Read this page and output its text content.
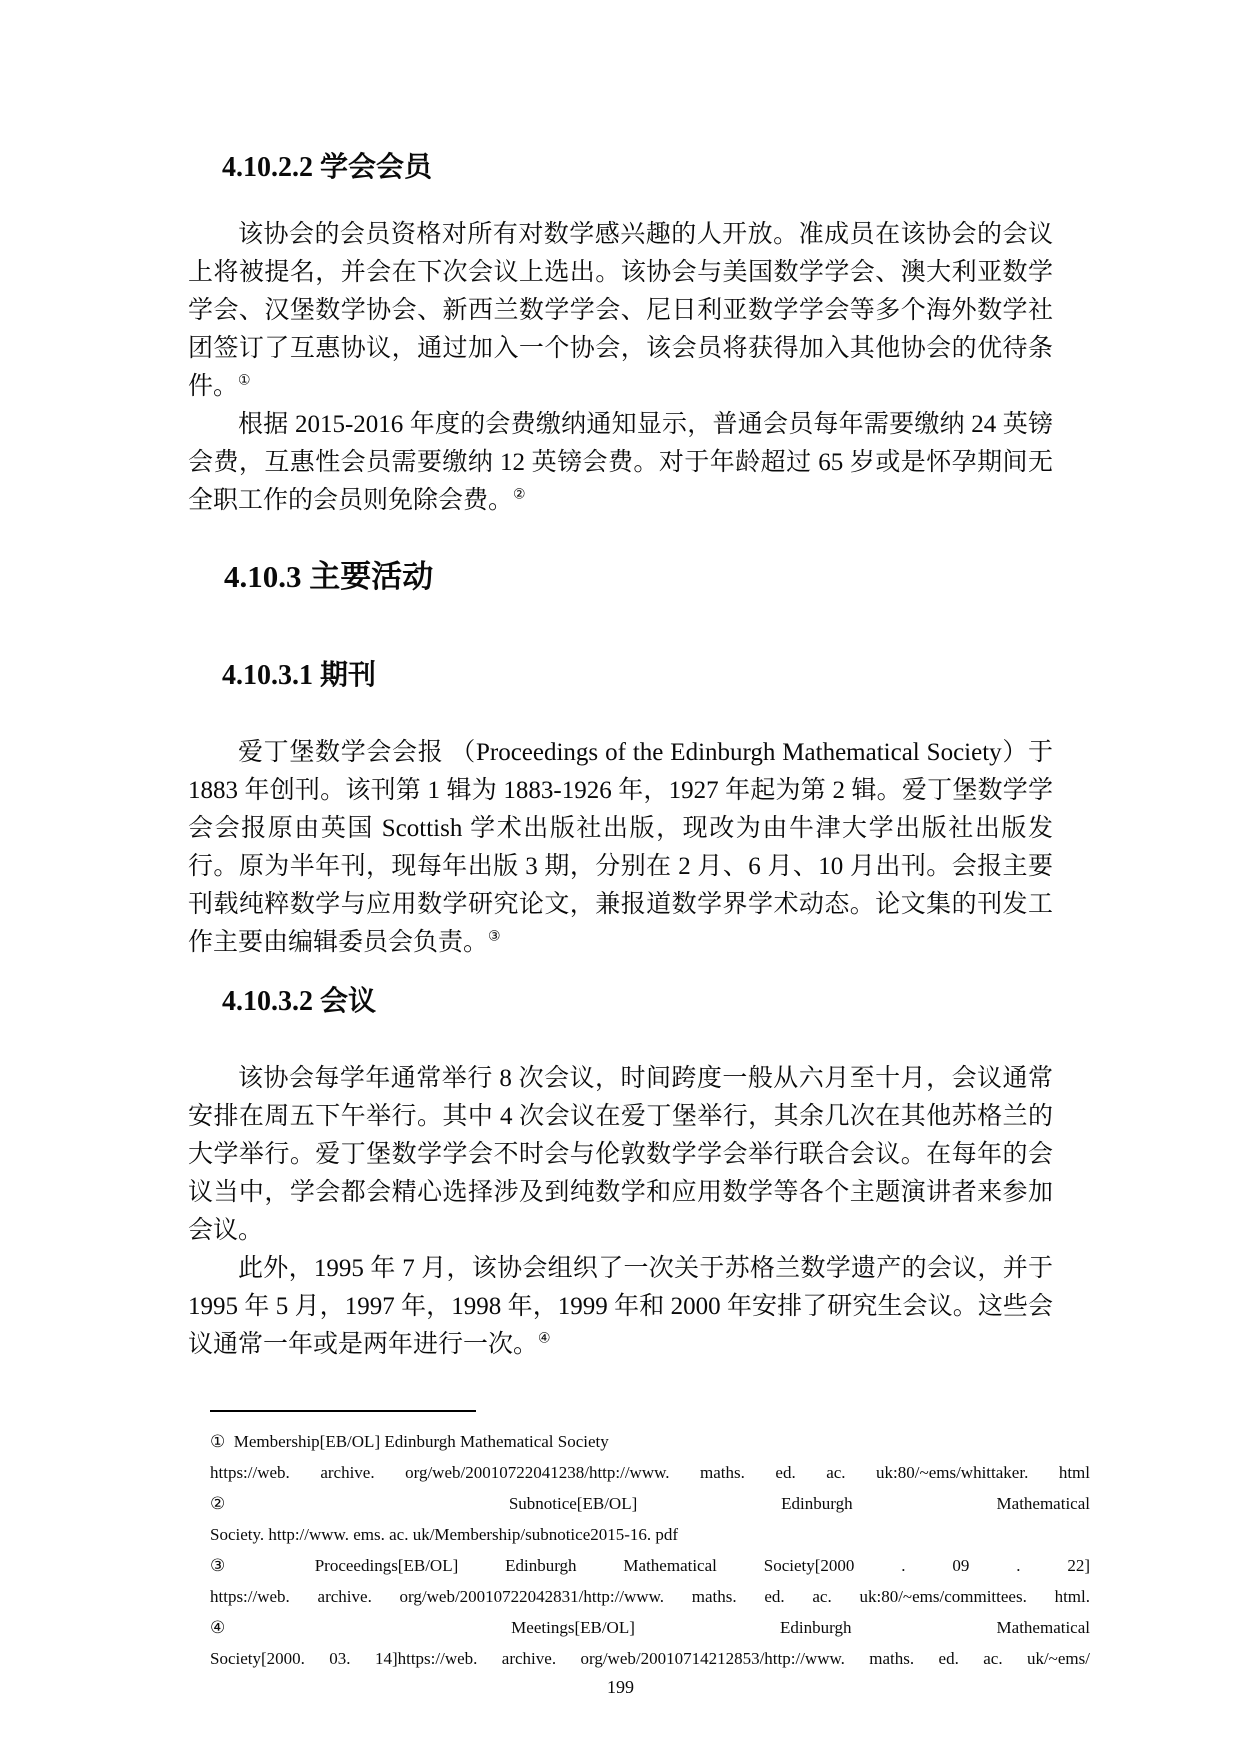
4.10.2.2 学会会员

该协会的会员资格对所有对数学感兴趣的人开放。准成员在该协会的会议上将被提名，并会在下次会议上选出。该协会与美国数学学会、澳大利亚数学学会、汉堡数学协会、新西兰数学学会、尼日利亚数学学会等多个海外数学社团签订了互惠协议，通过加入一个协会，该会员将获得加入其他协会的优待条件。①

根据 2015-2016 年度的会费缴纳通知显示，普通会员每年需要缴纳 24 英镑会费，互惠性会员需要缴纳 12 英镑会费。对于年龄超过 65 岁或是怀孕期间无全职工作的会员则免除会费。②

4.10.3 主要活动
4.10.3.1 期刊

爱丁堡数学会会报 （Proceedings of the Edinburgh Mathematical Society）于 1883 年创刊。该刊第 1 辑为 1883-1926 年，1927 年起为第 2 辑。爱丁堡数学学会会报原由英国 Scottish 学术出版社出版，现改为由牛津大学出版社出版发行。原为半年刊，现每年出版 3 期，分别在 2 月、6 月、10 月出刊。会报主要刊载纯粹数学与应用数学研究论文，兼报道数学界学术动态。论文集的刊发工作主要由编辑委员会负责。③

4.10.3.2 会议

该协会每学年通常举行 8 次会议，时间跨度一般从六月至十月，会议通常安排在周五下午举行。其中 4 次会议在爱丁堡举行，其余几次在其他苏格兰的大学举行。爱丁堡数学学会不时会与伦敦数学学会举行联合会议。在每年的会议当中，学会都会精心选择涉及到纯数学和应用数学等各个主题演讲者来参加会议。

此外，1995 年 7 月，该协会组织了一次关于苏格兰数学遗产的会议，并于 1995 年 5 月，1997 年，1998 年，1999 年和 2000 年安排了研究生会议。这些会议通常一年或是两年进行一次。④

①  Membership[EB/OL] Edinburgh Mathematical Society
https://web. archive. org/web/20010722041238/http://www. maths. ed. ac. uk:80/~ems/whittaker. html
② Subnotice[EB/OL] Edinburgh Mathematical
Society. http://www. ems. ac. uk/Membership/subnotice2015-16. pdf
③ Proceedings[EB/OL] Edinburgh Mathematical Society[2000 . 09 . 22]
https://web. archive. org/web/20010722042831/http://www. maths. ed. ac. uk:80/~ems/committees. html.
④ Meetings[EB/OL] Edinburgh Mathematical
Society[2000. 03. 14]https://web. archive. org/web/20010714212853/http://www. maths. ed. ac. uk/~ems/
199
